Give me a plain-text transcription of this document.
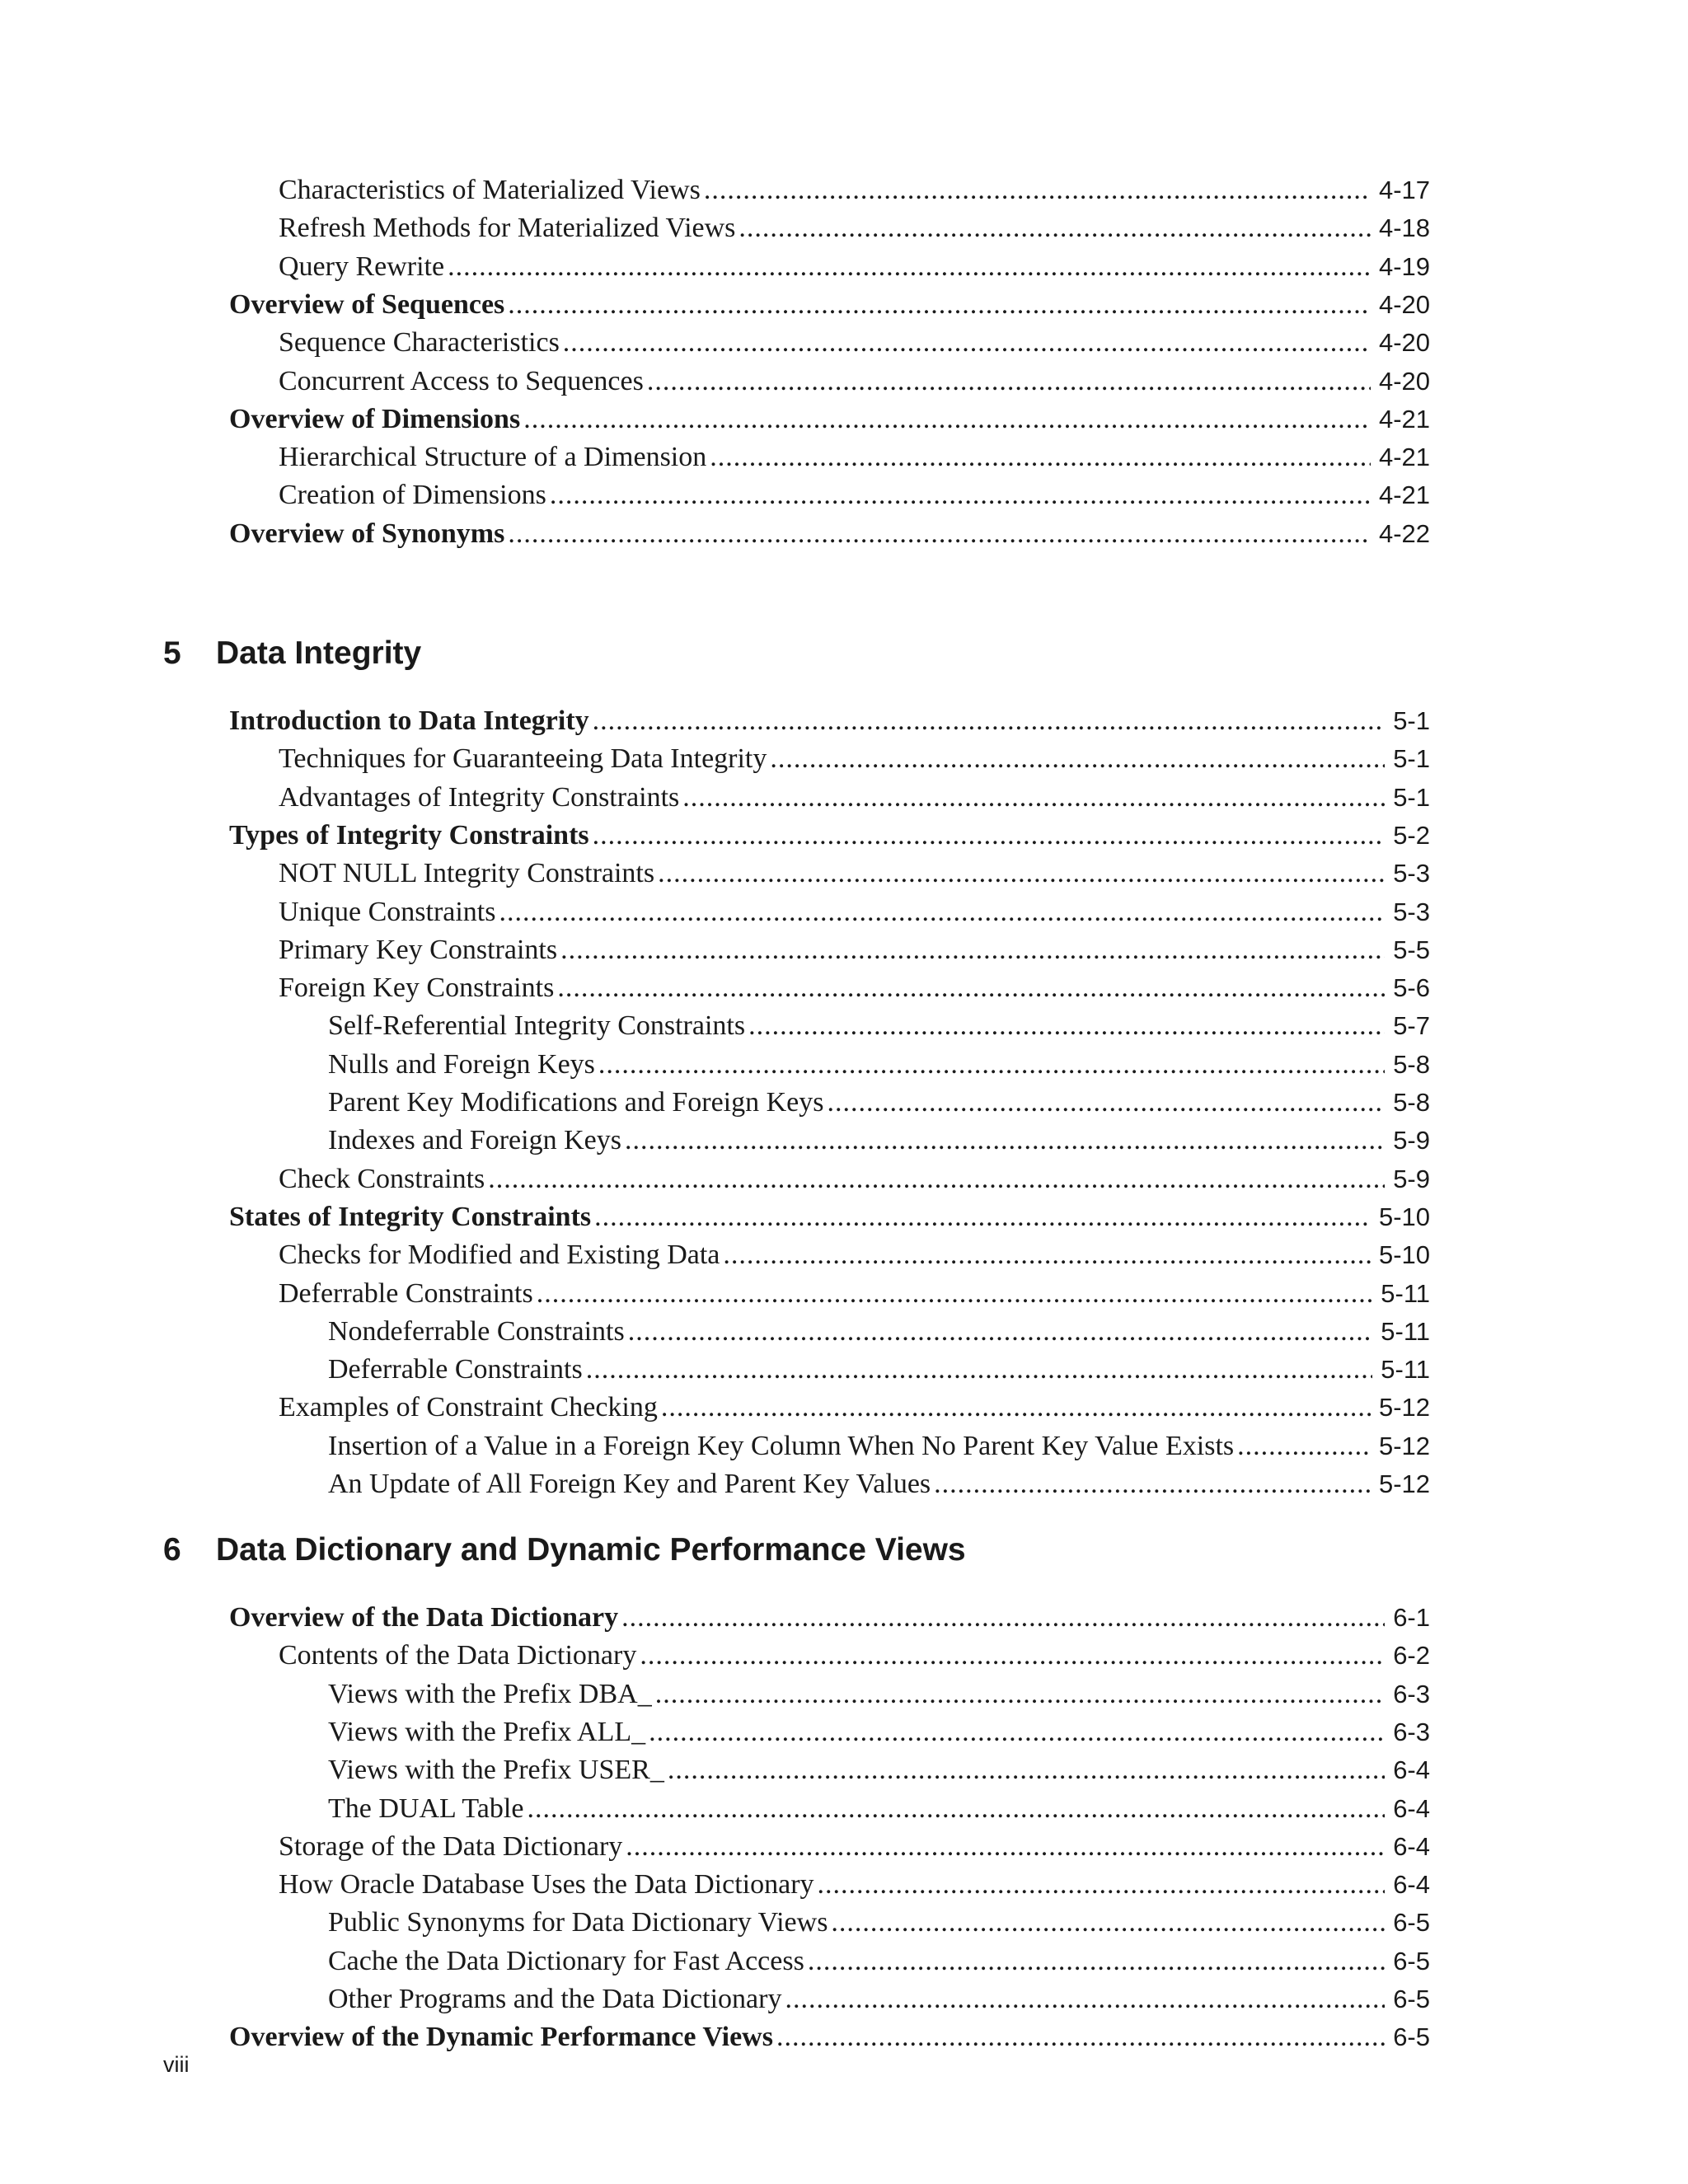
Characteristics of Materialized Views .....	4-17
Refresh Methods for Materialized Views .....	4-18
Query Rewrite .....	4-19
Overview of Sequences .....	4-20
Sequence Characteristics .....	4-20
Concurrent Access to Sequences .....	4-20
Overview of Dimensions .....	4-21
Hierarchical Structure of a Dimension .....	4-21
Creation of Dimensions .....	4-21
Overview of Synonyms .....	4-22
5 Data Integrity
Introduction to Data Integrity .....	5-1
Techniques for Guaranteeing Data Integrity .....	5-1
Advantages of Integrity Constraints .....	5-1
Types of Integrity Constraints .....	5-2
NOT NULL Integrity Constraints .....	5-3
Unique Constraints .....	5-3
Primary Key Constraints .....	5-5
Foreign Key Constraints .....	5-6
Self-Referential Integrity Constraints .....	5-7
Nulls and Foreign Keys .....	5-8
Parent Key Modifications and Foreign Keys .....	5-8
Indexes and Foreign Keys .....	5-9
Check Constraints .....	5-9
States of Integrity Constraints .....	5-10
Checks for Modified and Existing Data .....	5-10
Deferrable Constraints .....	5-11
Nondeferrable Constraints .....	5-11
Deferrable Constraints .....	5-11
Examples of Constraint Checking .....	5-12
Insertion of a Value in a Foreign Key Column When No Parent Key Value Exists .....	5-12
An Update of All Foreign Key and Parent Key Values .....	5-12
6 Data Dictionary and Dynamic Performance Views
Overview of the Data Dictionary .....	6-1
Contents of the Data Dictionary .....	6-2
Views with the Prefix DBA_ .....	6-3
Views with the Prefix ALL_ .....	6-3
Views with the Prefix USER_ .....	6-4
The DUAL Table .....	6-4
Storage of the Data Dictionary .....	6-4
How Oracle Database Uses the Data Dictionary .....	6-4
Public Synonyms for Data Dictionary Views .....	6-5
Cache the Data Dictionary for Fast Access .....	6-5
Other Programs and the Data Dictionary .....	6-5
Overview of the Dynamic Performance Views .....	6-5
viii
